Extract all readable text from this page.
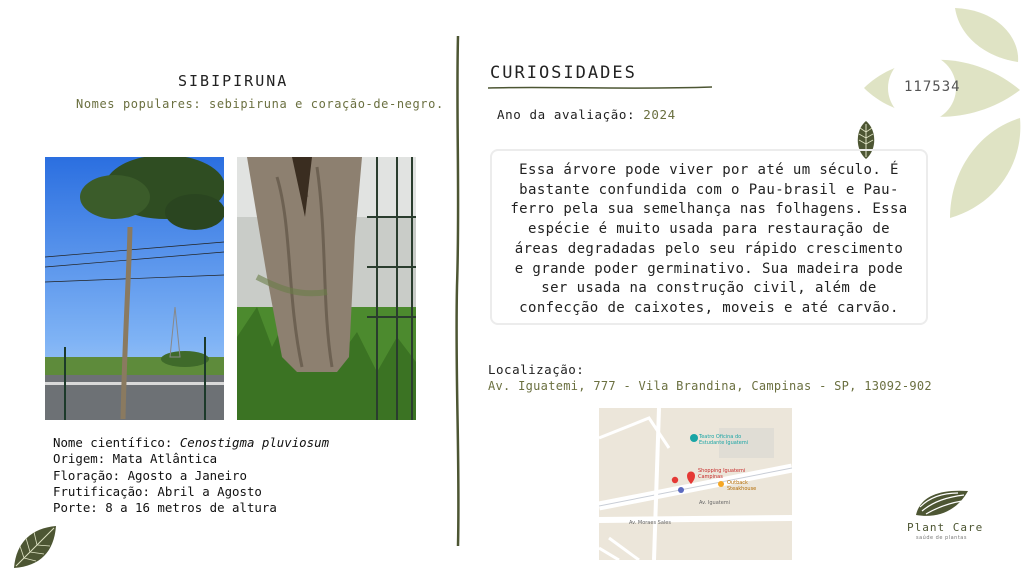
117534
SIBIPIRUNA
Nomes populares: sebipiruna e coração-de-negro.
Nome científico: Cenostigma pluviosum
Origem: Mata Atlântica
Floração: Agosto a Janeiro
Frutificação: Abril a Agosto
Porte: 8 a 16 metros de altura
CURIOSIDADES
Ano da avaliação: 2024
Essa árvore pode viver por até um século. É bastante confundida com o Pau-brasil e Pau-ferro pela sua semelhança nas folhagens. Essa espécie é muito usada para restauração de áreas degradadas pelo seu rápido crescimento e grande poder germinativo. Sua madeira pode ser usada na construção civil, além de confecção de caixotes, moveis e até carvão.
Localização:
Av. Iguatemi, 777 - Vila Brandina, Campinas - SP, 13092-902
Teatro Oficina do Estudante Iguatemi
Shopping Iguatemi Campinas
Outback Steakhouse
Av. Iguatemi
Av. Moraes Sales	Plant Care
saúde de plantas
